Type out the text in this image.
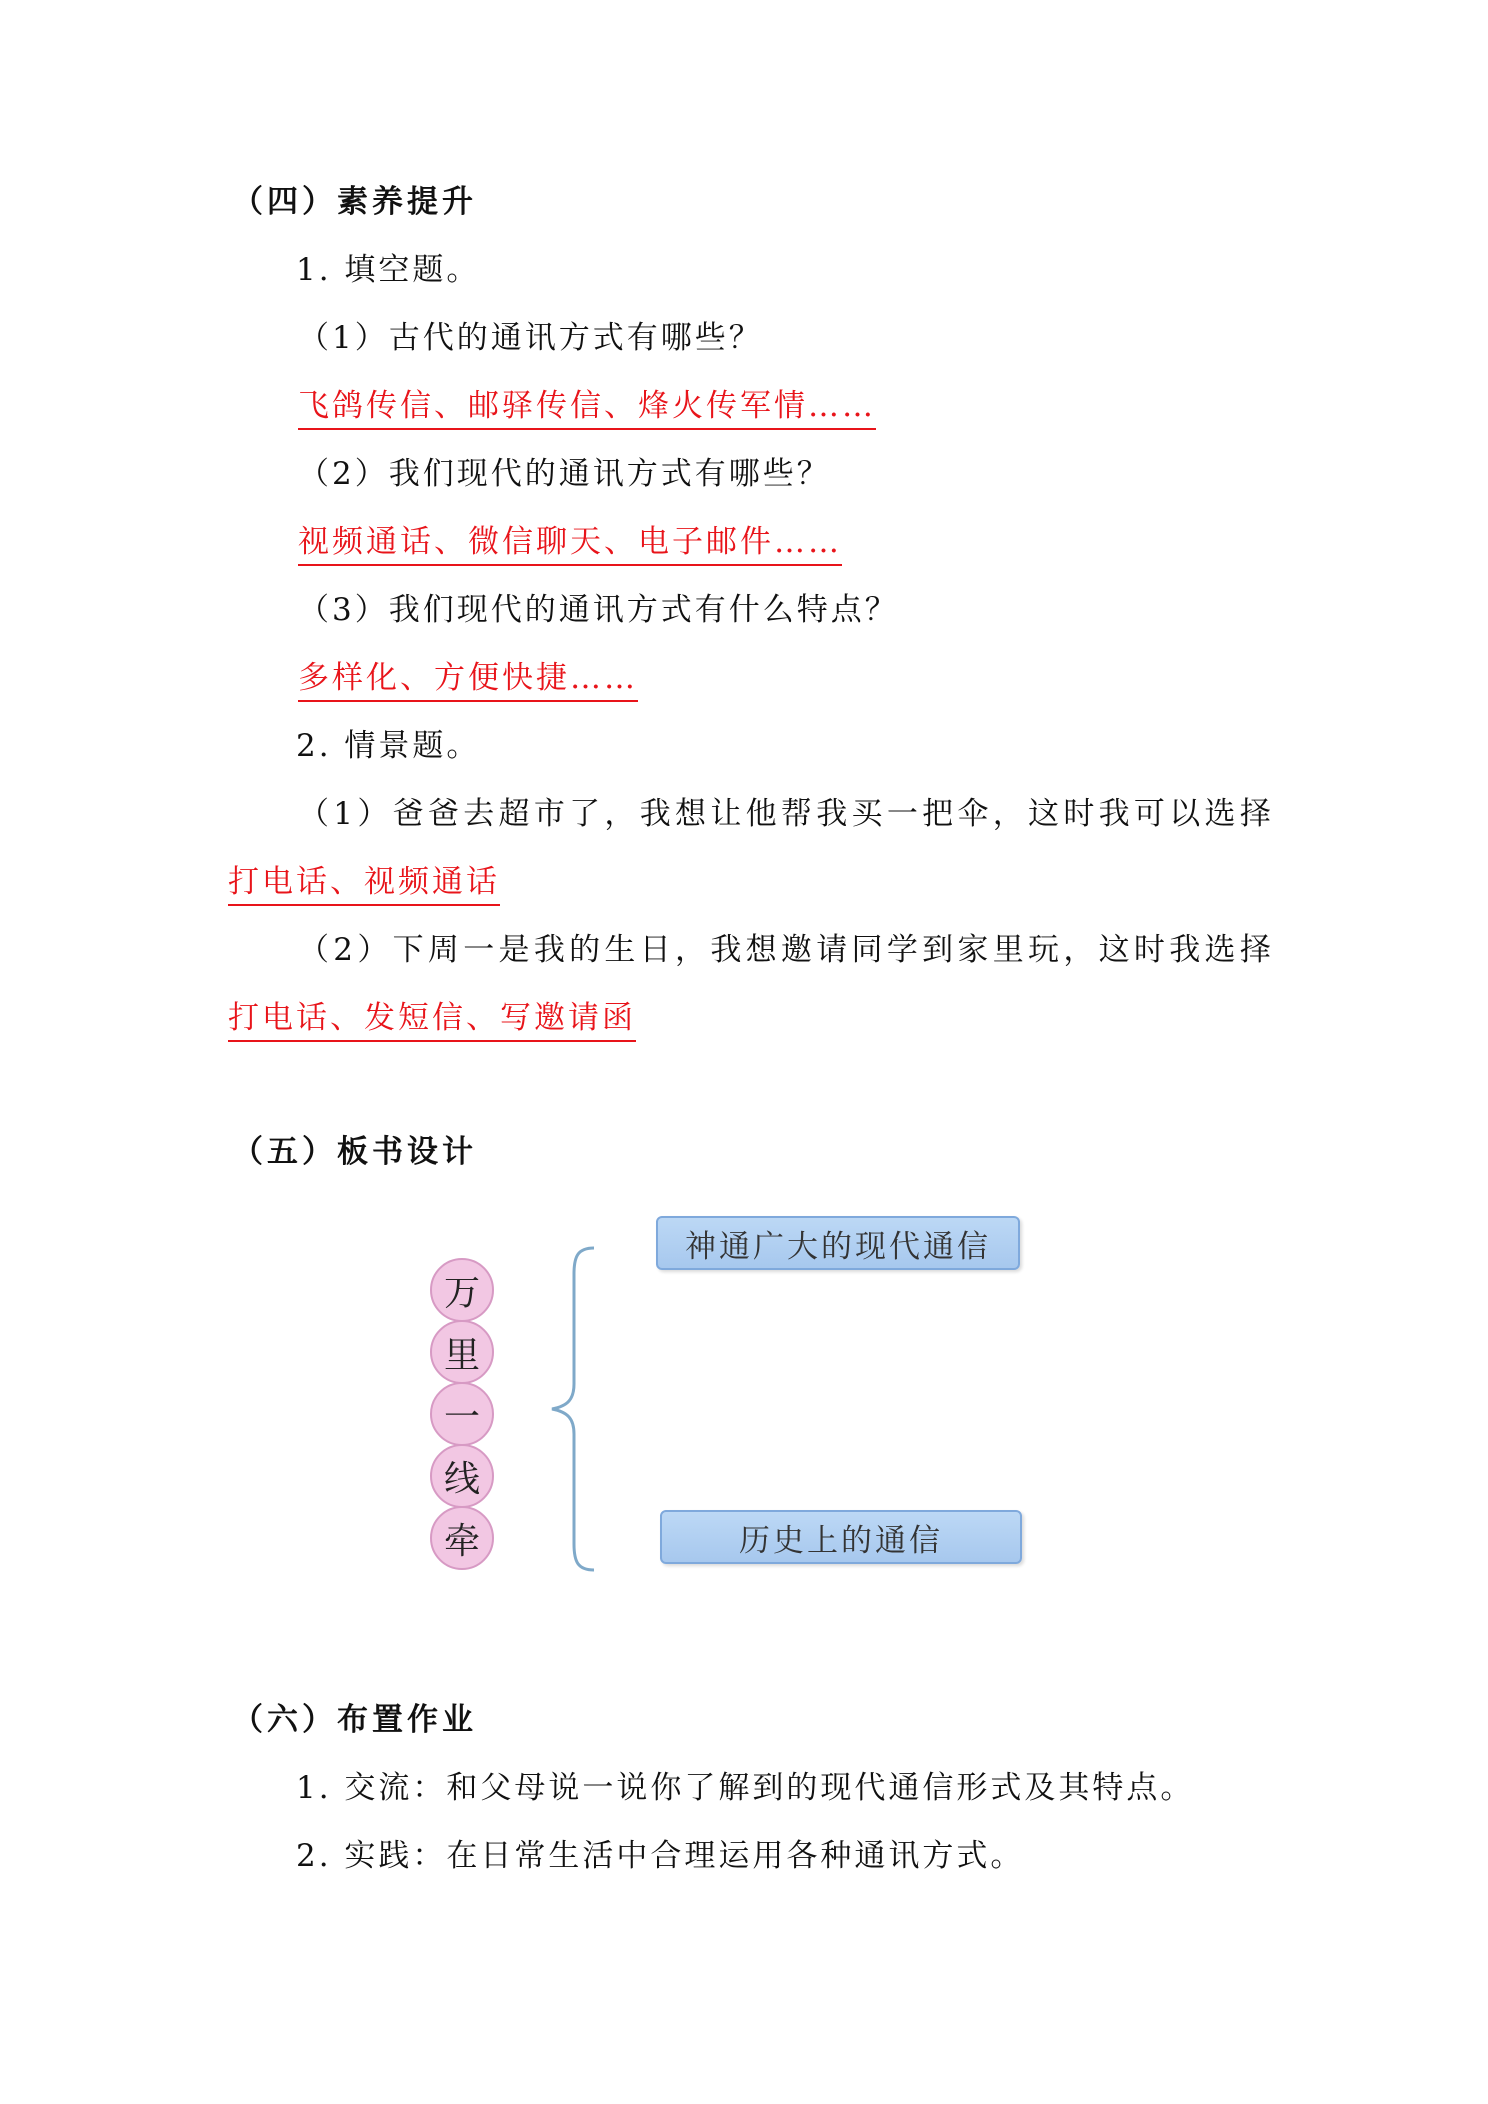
（四）素养提升
1. 填空题。
（1）古代的通讯方式有哪些？
飞鸽传信、邮驿传信、烽火传军情……
（2）我们现代的通讯方式有哪些？
视频通话、微信聊天、电子邮件……
（3）我们现代的通讯方式有什么特点？
多样化、方便快捷……
2. 情景题。
（1）爸爸去超市了，我想让他帮我买一把伞，这时我可以选择
打电话、视频通话
（2）下周一是我的生日，我想邀请同学到家里玩，这时我选择
打电话、发短信、写邀请函
（五）板书设计
万
里
一
线
牵
神通广大的现代通信
历史上的通信
（六）布置作业
1. 交流：和父母说一说你了解到的现代通信形式及其特点。
2. 实践：在日常生活中合理运用各种通讯方式。
